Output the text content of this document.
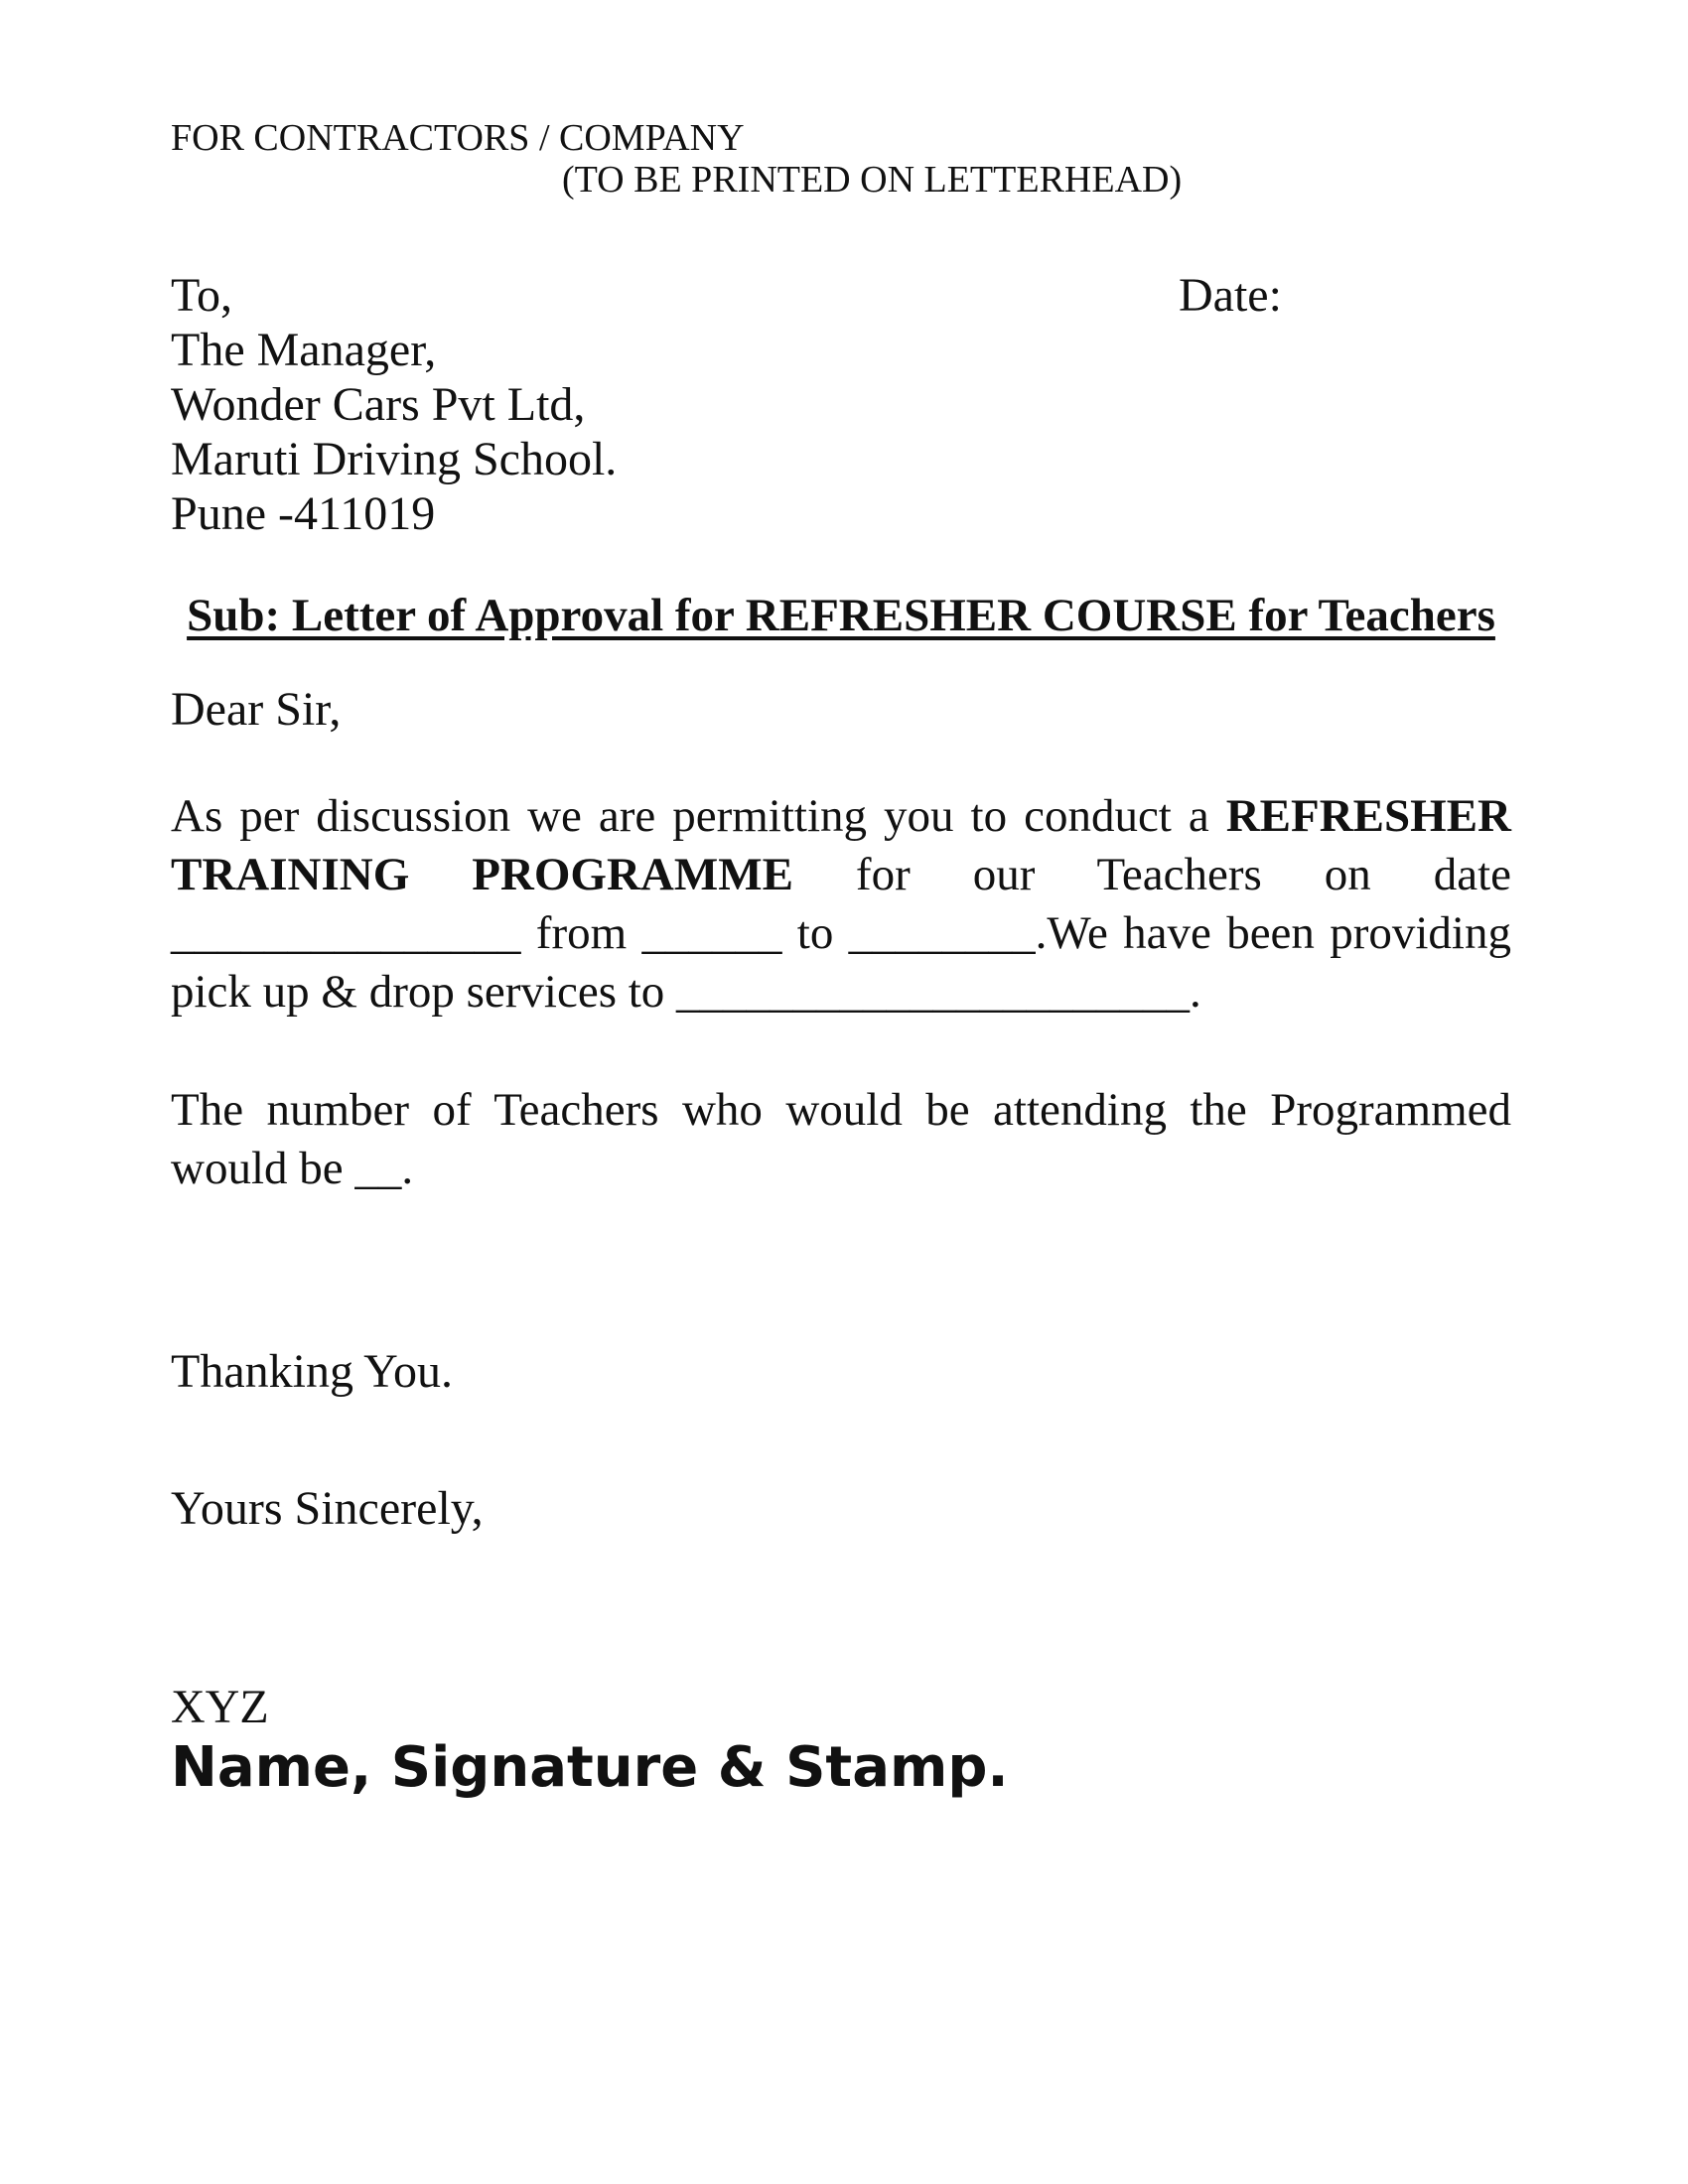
FOR CONTRACTORS / COMPANY
(TO BE PRINTED ON LETTERHEAD)
To,
The Manager,
Wonder Cars Pvt Ltd,
Maruti Driving School.
Pune -411019
Date:
Sub: Letter of Approval for REFRESHER COURSE for Teachers
Dear Sir,

As per discussion we are permitting you to conduct a REFRESHER TRAINING PROGRAMME for our Teachers on date _______________ from ______ to ________.We have been providing pick up & drop services to ______________________.

The number of Teachers who would be attending the Programmed would be __.

Thanking You.
Yours Sincerely,
XYZ
Name, Signature & Stamp.
